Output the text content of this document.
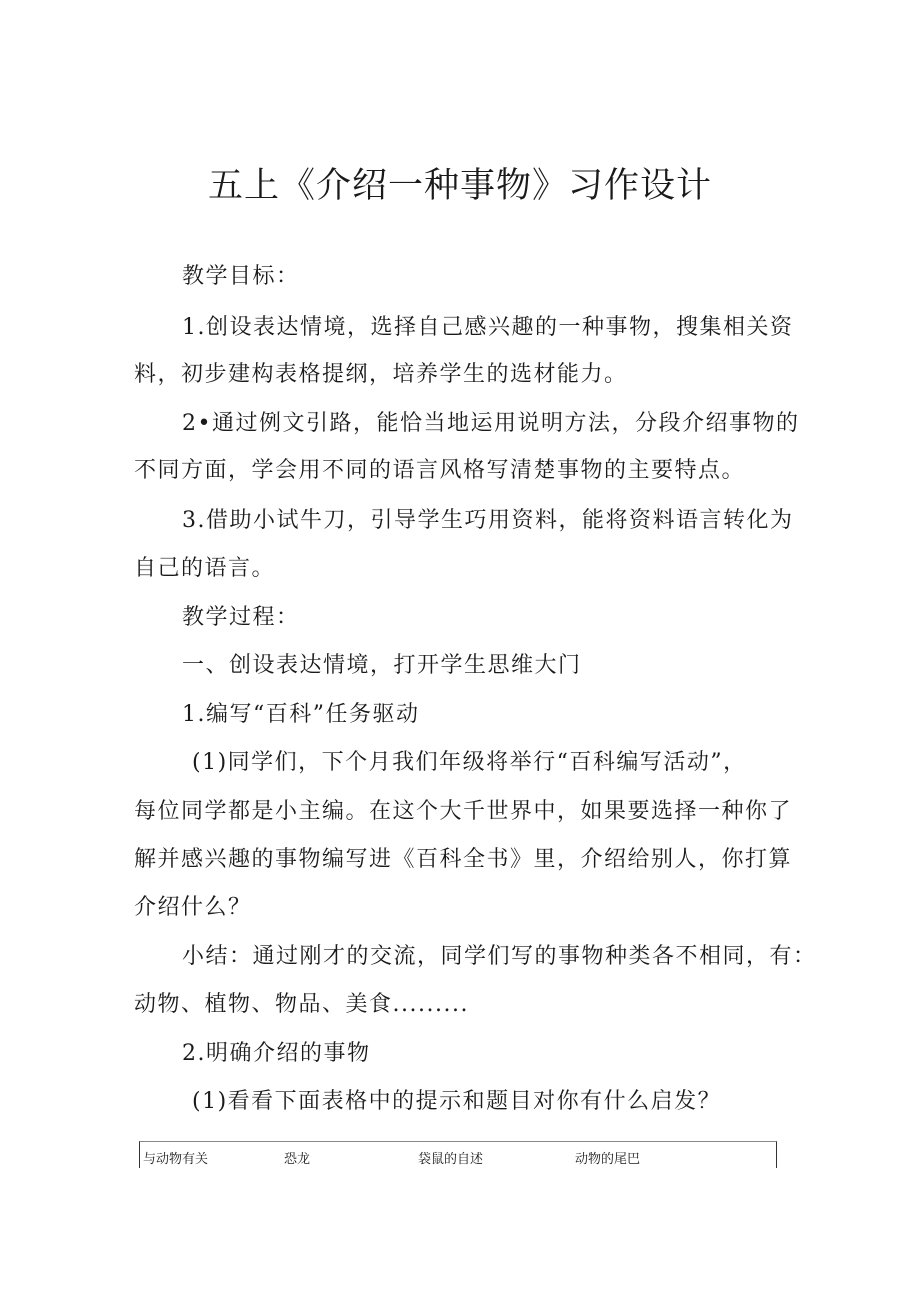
五上《介绍一种事物》习作设计
教学目标：
1.创设表达情境，选择自己感兴趣的一种事物，搜集相关资
料，初步建构表格提纲，培养学生的选材能力。
2•通过例文引路，能恰当地运用说明方法，分段介绍事物的
不同方面，学会用不同的语言风格写清楚事物的主要特点。
3.借助小试牛刀，引导学生巧用资料，能将资料语言转化为
自己的语言。
教学过程：
一、创设表达情境，打开学生思维大门
1.编写“百科”任务驱动
(1)同学们，下个月我们年级将举行“百科编写活动”，
每位同学都是小主编。在这个大千世界中，如果要选择一种你了
解并感兴趣的事物编写进《百科全书》里，介绍给别人，你打算
介绍什么？
小结：通过刚才的交流，同学们写的事物种类各不相同，有：
动物、植物、物品、美食.........
2.明确介绍的事物
(1)看看下面表格中的提示和题目对你有什么启发？
与动物有关	恐龙	袋鼠的自述	动物的尾巴
